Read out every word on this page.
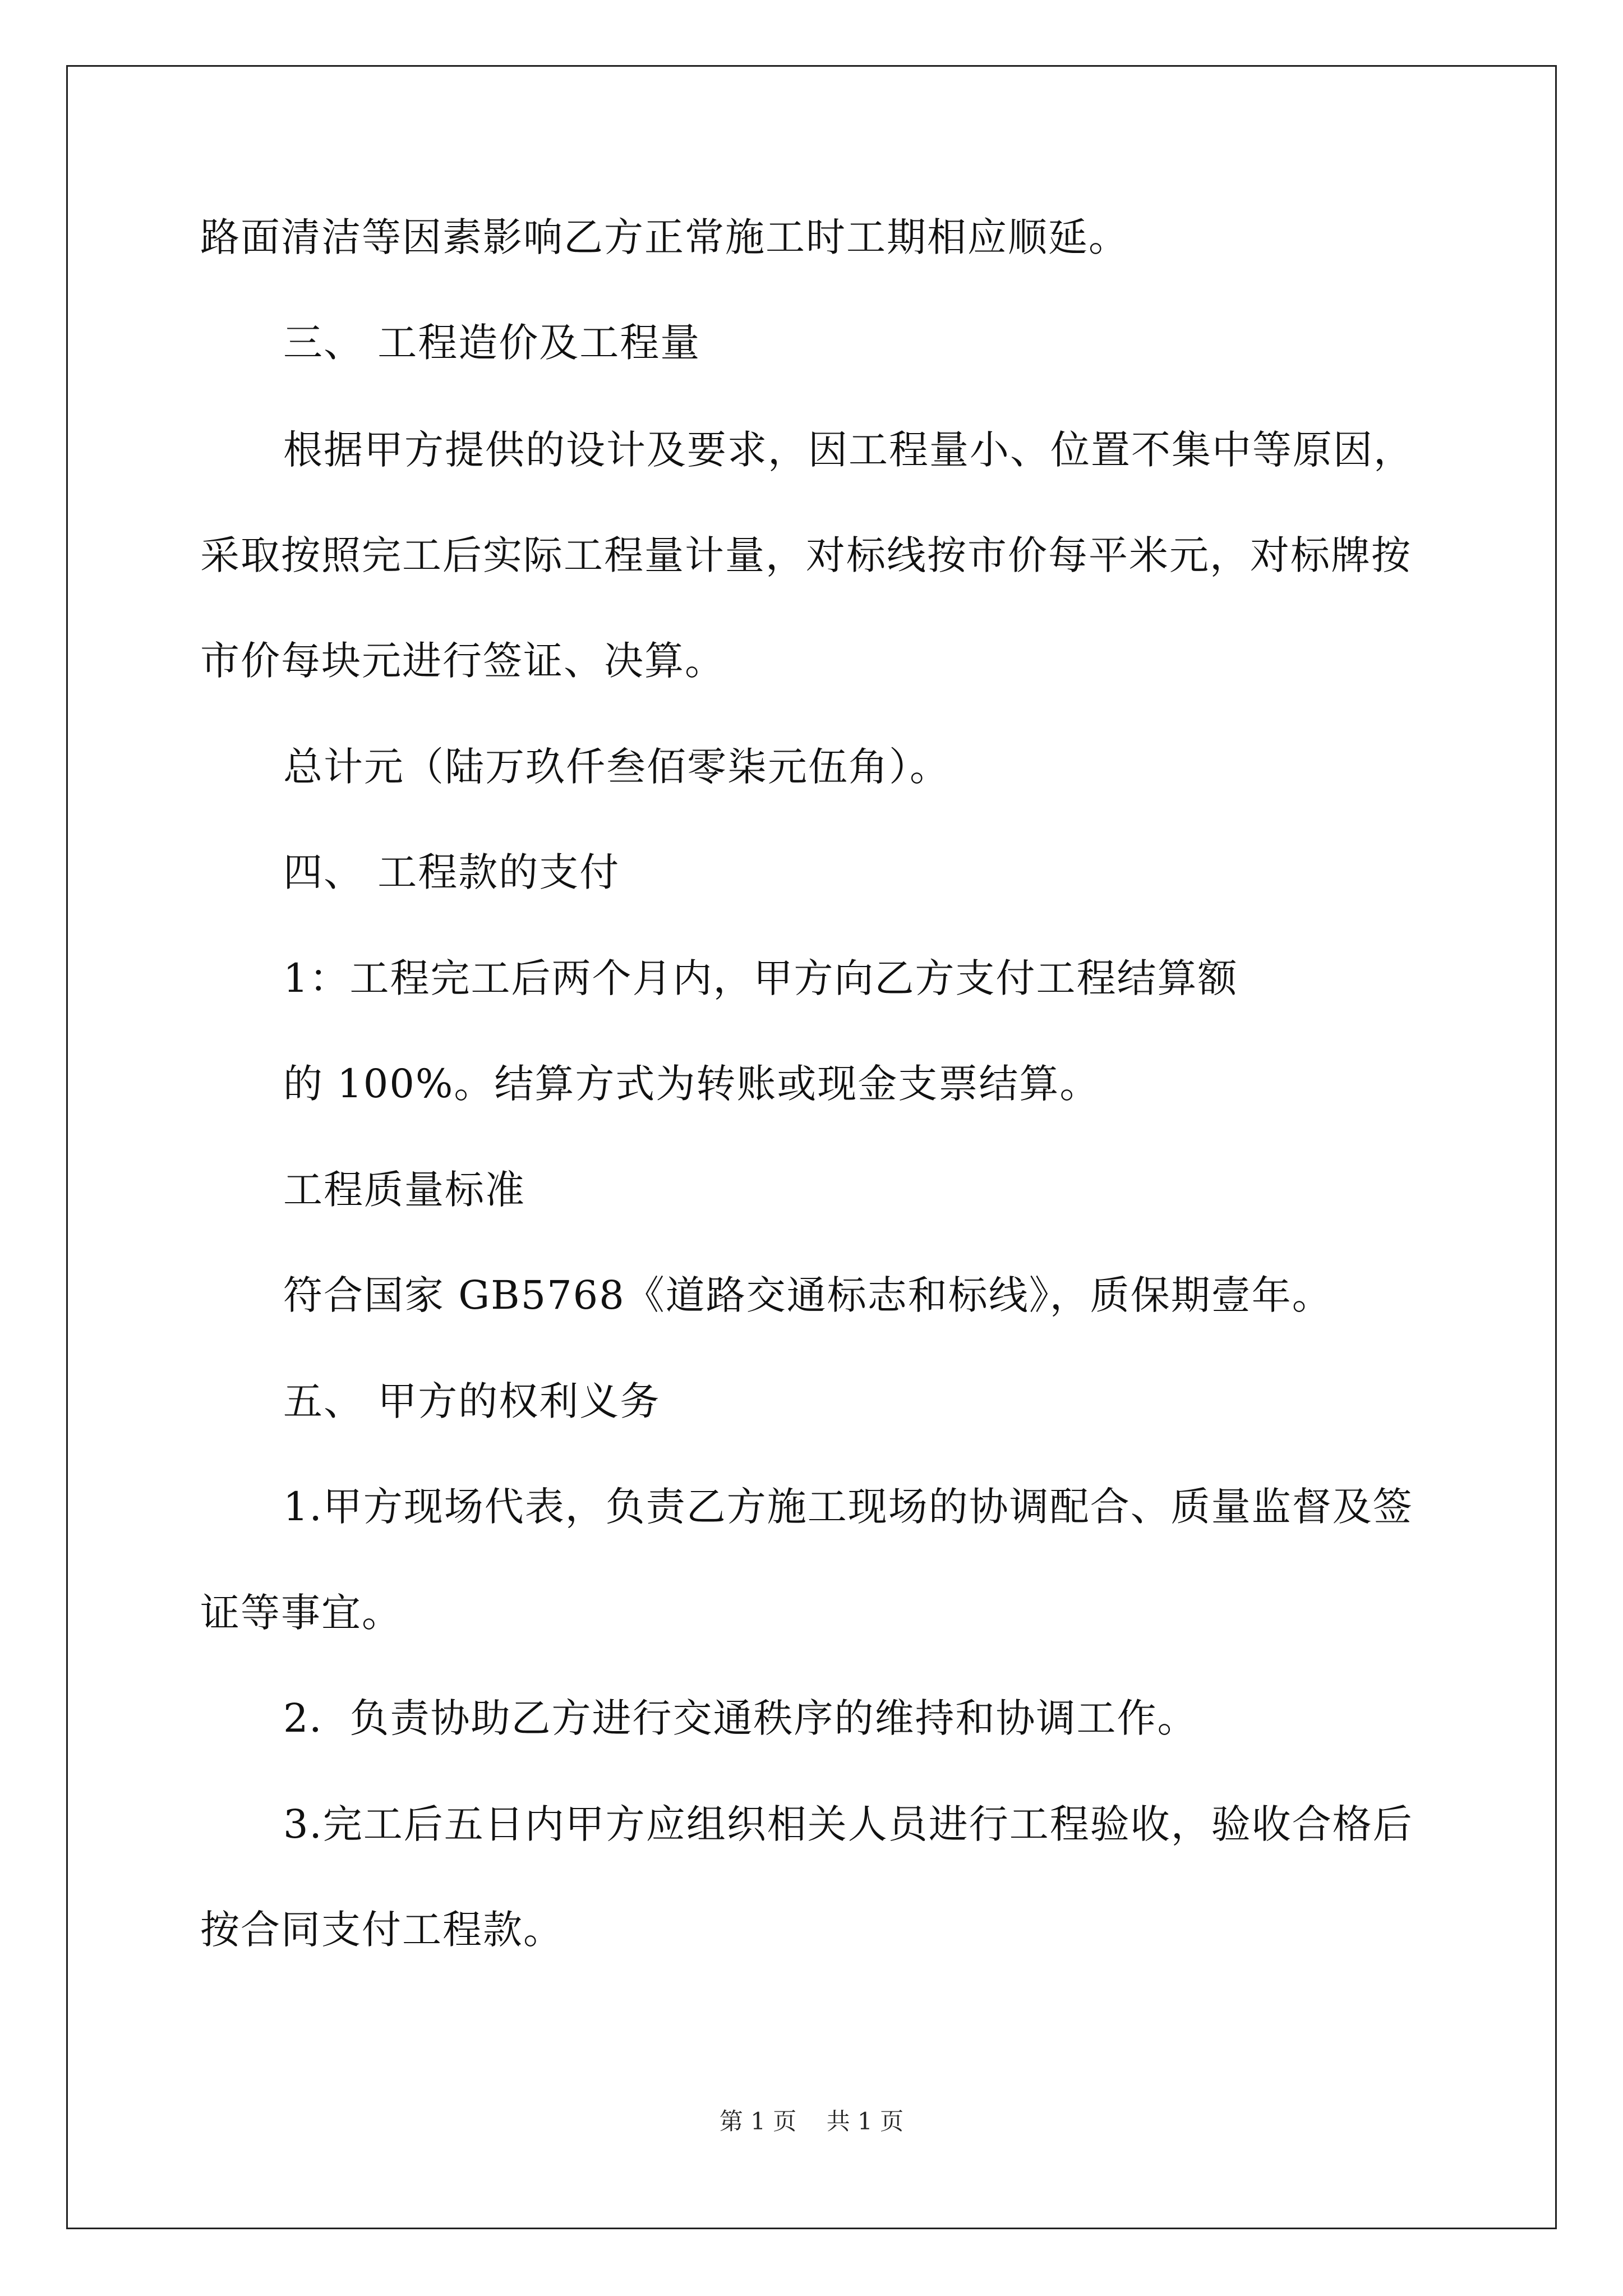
路面清洁等因素影响乙方正常施工时工期相应顺延。
三、 工程造价及工程量
根据甲方提供的设计及要求，因工程量小、位置不集中等原因，
采取按照完工后实际工程量计量，对标线按市价每平米元，对标牌按
市价每块元进行签证、决算。
总计元（陆万玖仟叁佰零柒元伍角）。
四、 工程款的支付
1：工程完工后两个月内，甲方向乙方支付工程结算额
的 100%。结算方式为转账或现金支票结算。
工程质量标准
符合国家 GB5768《道路交通标志和标线》，质保期壹年。
五、 甲方的权利义务
1.甲方现场代表，负责乙方施工现场的协调配合、质量监督及签
证等事宜。
2．负责协助乙方进行交通秩序的维持和协调工作。
3.完工后五日内甲方应组织相关人员进行工程验收，验收合格后
按合同支付工程款。
第 1 页    共 1 页
